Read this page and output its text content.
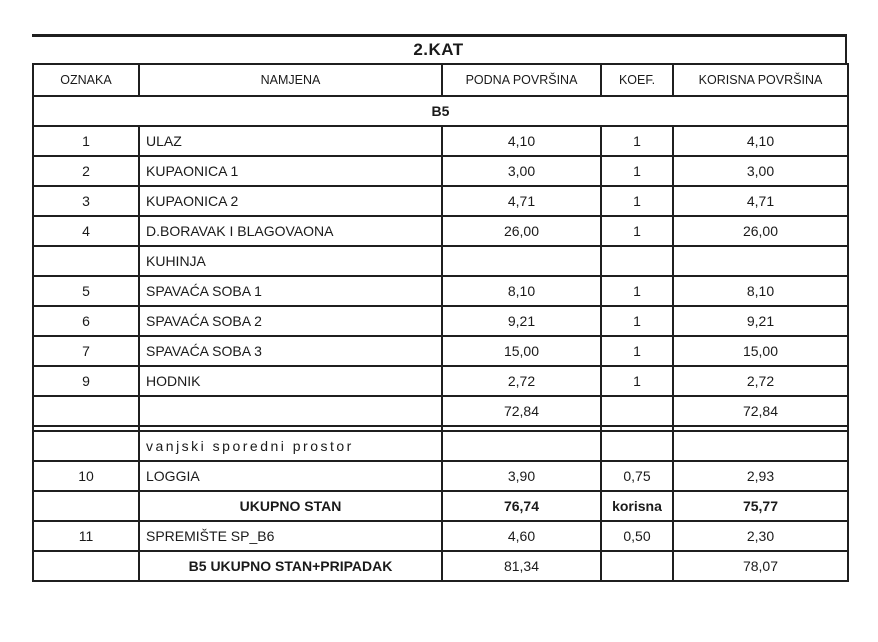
2.KAT
OZNAKA	NAMJENA	PODNA POVRŠINA	KOEF.	KORISNA POVRŠINA
B5				
1	ULAZ	4,10	1	4,10
2	KUPAONICA 1	3,00	1	3,00
3	KUPAONICA 2	4,71	1	4,71
4	D.BORAVAK I BLAGOVAONA	26,00	1	26,00
	KUHINJA			
5	SPAVAĆA SOBA 1	8,10	1	8,10
6	SPAVAĆA SOBA 2	9,21	1	9,21
7	SPAVAĆA SOBA 3	15,00	1	15,00
9	HODNIK	2,72	1	2,72
		72,84		72,84

	vanjski sporedni prostor			
10	LOGGIA	3,90	0,75	2,93
	UKUPNO STAN	76,74	korisna	75,77
11	SPREMIŠTE SP_B6	4,60	0,50	2,30
	B5 UKUPNO STAN+PRIPADAK	81,34		78,07
